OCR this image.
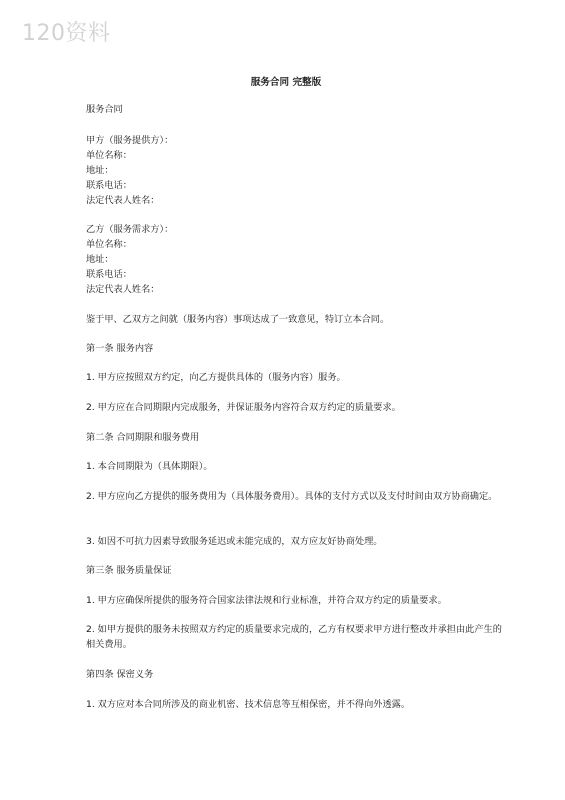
120资料
服务合同 完整版
服务合同
甲方（服务提供方）：
单位名称：
地址：
联系电话：
法定代表人姓名：
乙方（服务需求方）：
单位名称：
地址：
联系电话：
法定代表人姓名：
鉴于甲、乙双方之间就（服务内容）事项达成了一致意见，特订立本合同。
第一条 服务内容
1. 甲方应按照双方约定，向乙方提供具体的（服务内容）服务。
2. 甲方应在合同期限内完成服务，并保证服务内容符合双方约定的质量要求。
第二条 合同期限和服务费用
1. 本合同期限为（具体期限）。
2. 甲方应向乙方提供的服务费用为（具体服务费用）。具体的支付方式以及支付时间由双方协商确定。
3. 如因不可抗力因素导致服务延迟或未能完成的，双方应友好协商处理。
第三条 服务质量保证
1. 甲方应确保所提供的服务符合国家法律法规和行业标准，并符合双方约定的质量要求。
2. 如甲方提供的服务未按照双方约定的质量要求完成的，乙方有权要求甲方进行整改并承担由此产生的相关费用。
第四条 保密义务
1. 双方应对本合同所涉及的商业机密、技术信息等互相保密，并不得向外透露。
